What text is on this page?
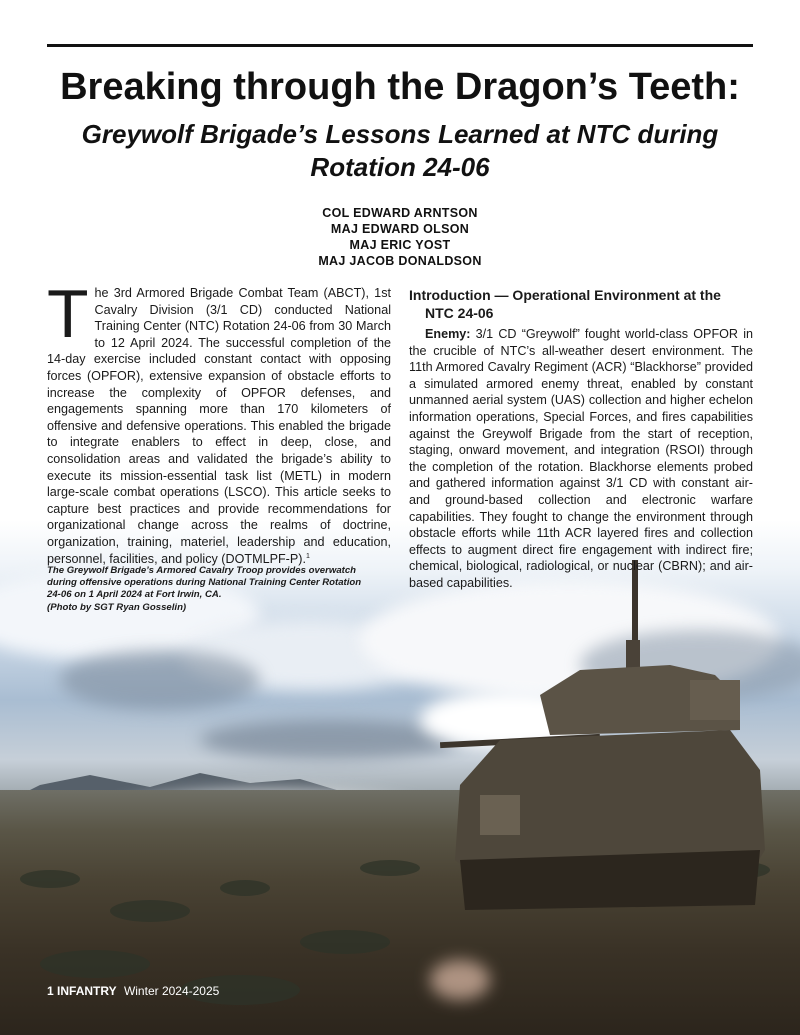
Breaking through the Dragon’s Teeth:
Greywolf Brigade’s Lessons Learned at NTC during
Rotation 24-06
COL EDWARD ARNTSON
MAJ EDWARD OLSON
MAJ ERIC YOST
MAJ JACOB DONALDSON
T he 3rd Armored Brigade Combat Team (ABCT), 1st Cavalry Division (3/1 CD) conducted National Training Center (NTC) Rotation 24-06 from 30 March to 12 April 2024. The successful completion of the 14-day exercise included constant contact with opposing forces (OPFOR), extensive expansion of obstacle efforts to increase the complexity of OPFOR defenses, and engagements spanning more than 170 kilometers of offensive and defensive operations. This enabled the brigade to integrate enablers to effect in deep, close, and consolidation areas and validated the brigade’s ability to execute its mission-essential task list (METL) in modern large-scale combat operations (LSCO). This article seeks to capture best practices and provide recommendations for organizational change across the realms of doctrine, organization, training, materiel, leadership and education, personnel, facilities, and policy (DOTMLPF-P).$^1$

The Greywolf Brigade’s Armored Cavalry Troop provides overwatch
during offensive operations during National Training Center Rotation
24-06 on 1 April 2024 at Fort Irwin, CA.
(Photo by SGT Ryan Gosselin)
Introduction — Operational Environment at the NTC 24-06

Enemy: 3/1 CD “Greywolf” fought world-class OPFOR in the crucible of NTC’s all-weather desert environment. The 11th Armored Cavalry Regiment (ACR) “Blackhorse” provided a simulated armored enemy threat, enabled by constant unmanned aerial system (UAS) collection and higher echelon information operations, Special Forces, and fires capabilities against the Greywolf Brigade from the start of reception, staging, onward movement, and integration (RSOI) through the completion of the rotation. Blackhorse elements probed and gathered information against 3/1 CD with constant air- and ground-based collection and electronic warfare capabilities. They fought to change the environment through obstacle efforts while 11th ACR layered fires and collection effects to augment direct fire engagement with indirect fire; chemical, biological, radiological, or nuclear (CBRN); and air-based capabilities.

1 INFANTRY Winter 2024-2025
